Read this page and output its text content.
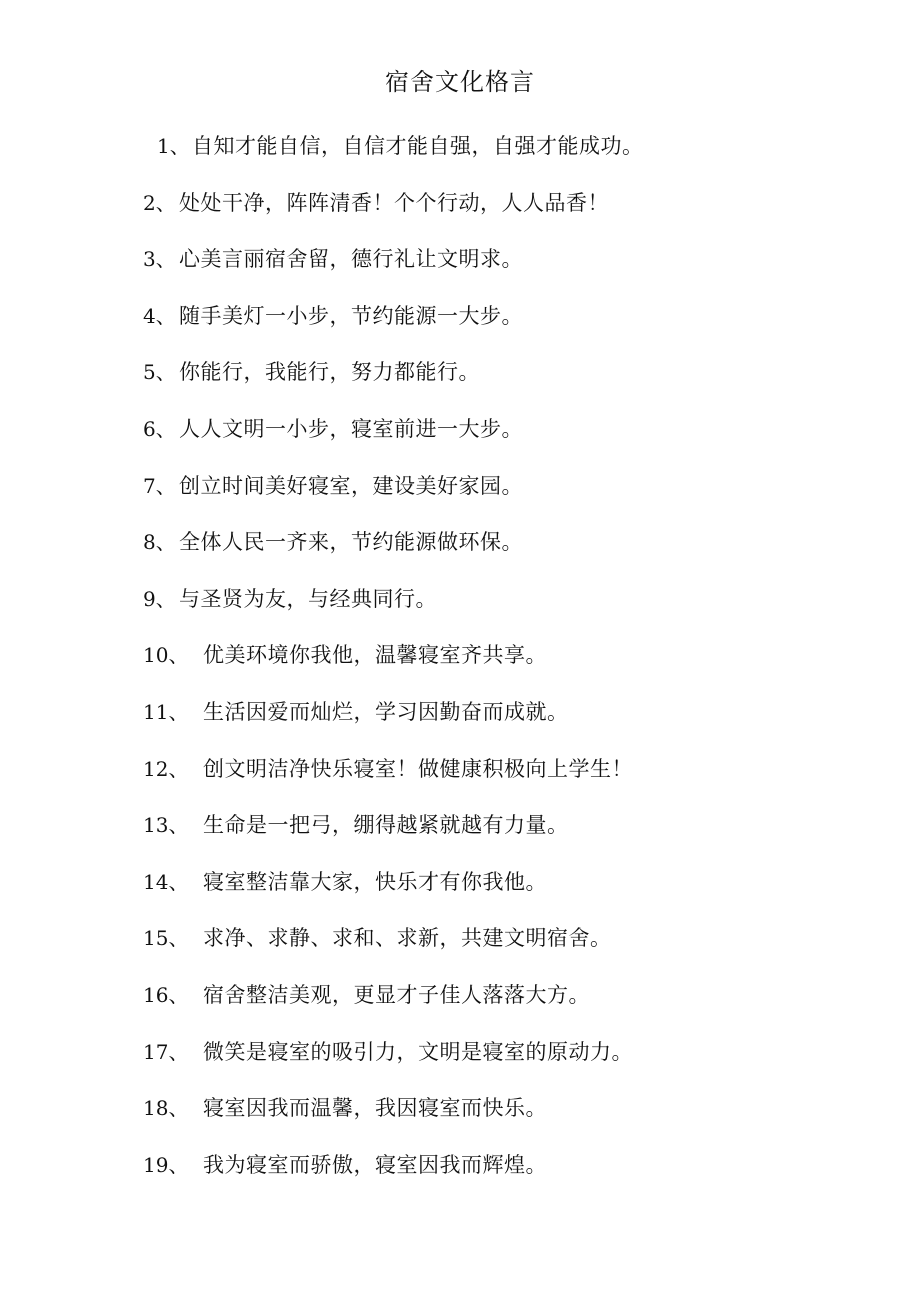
宿舍文化格言
1、 自知才能自信，自信才能自强，自强才能成功。
2、 处处干净，阵阵清香！个个行动，人人品香！
3、 心美言丽宿舍留，德行礼让文明求。
4、 随手美灯一小步，节约能源一大步。
5、 你能行，我能行，努力都能行。
6、 人人文明一小步，寝室前进一大步。
7、 创立时间美好寝室，建设美好家园。
8、 全体人民一齐来，节约能源做环保。
9、 与圣贤为友，与经典同行。
10、 优美环境你我他，温馨寝室齐共享。
11、 生活因爱而灿烂，学习因勤奋而成就。
12、 创文明洁净快乐寝室！做健康积极向上学生！
13、 生命是一把弓，绷得越紧就越有力量。
14、 寝室整洁靠大家，快乐才有你我他。
15、 求净、求静、求和、求新，共建文明宿舍。
16、 宿舍整洁美观，更显才子佳人落落大方。
17、 微笑是寝室的吸引力，文明是寝室的原动力。
18、 寝室因我而温馨，我因寝室而快乐。
19、 我为寝室而骄傲，寝室因我而辉煌。
